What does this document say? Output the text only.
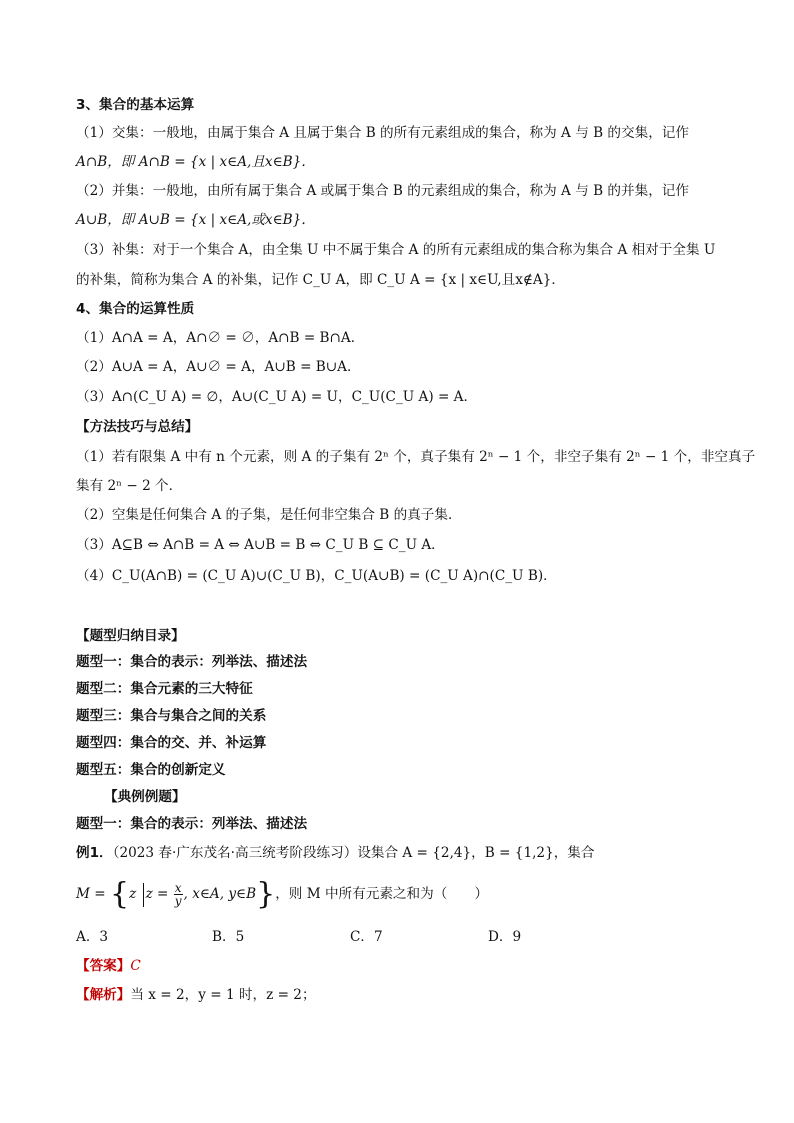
3、集合的基本运算
（1）交集：一般地，由属于集合 A 且属于集合 B 的所有元素组成的集合，称为 A 与 B 的交集，记作
A∩B，即 A∩B = {x | x∈A,且x∈B}．
（2）并集：一般地，由所有属于集合 A 或属于集合 B 的元素组成的集合，称为 A 与 B 的并集，记作
A∪B，即 A∪B = {x | x∈A,或x∈B}．
（3）补集：对于一个集合 A，由全集 U 中不属于集合 A 的所有元素组成的集合称为集合 A 相对于全集 U
的补集，简称为集合 A 的补集，记作 C_U A，即 C_U A = {x | x∈U,且x∉A}．
4、集合的运算性质
（1）A∩A = A，A∩∅ = ∅，A∩B = B∩A．
（2）A∪A = A，A∪∅ = A，A∪B = B∪A．
（3）A∩(C_U A) = ∅，A∪(C_U A) = U，C_U(C_U A) = A．
【方法技巧与总结】
（1）若有限集 A 中有 n 个元素，则 A 的子集有 2ⁿ 个，真子集有 2ⁿ − 1 个，非空子集有 2ⁿ − 1 个，非空真子
集有 2ⁿ − 2 个．
（2）空集是任何集合 A 的子集，是任何非空集合 B 的真子集．
（3）A⊆B ⇔ A∩B = A ⇔ A∪B = B ⇔ C_U B ⊆ C_U A．
（4）C_U(A∩B) = (C_U A)∪(C_U B)，C_U(A∪B) = (C_U A)∩(C_U B)．
【题型归纳目录】
题型一：集合的表示：列举法、描述法
题型二：集合元素的三大特征
题型三：集合与集合之间的关系
题型四：集合的交、并、补运算
题型五：集合的创新定义
【典例例题】
题型一：集合的表示：列举法、描述法
例1．（2023 春·广东茂名·高三统考阶段练习）设集合 A = {2,4}，B = {1,2}，集合
M = {z $z = \frac{x}{y}$ , x∈A, y∈B}，则 M 中所有元素之和为（　　）
A．3	B．5	C．7	D．9
【答案】C
【解析】当 x = 2，y = 1 时，z = 2；
